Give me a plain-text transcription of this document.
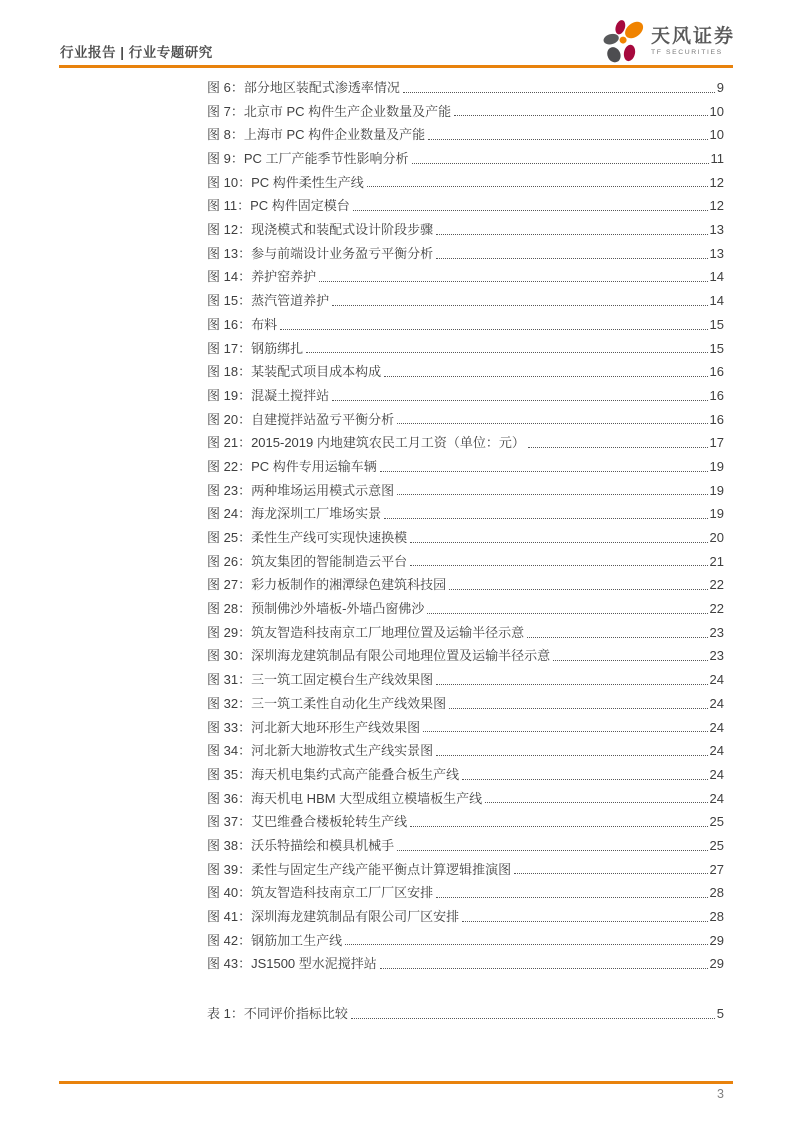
行业报告 | 行业专题研究
天风证券
TF SECURITIES
图 6：部分地区装配式渗透率情况	9
图 7：北京市 PC 构件生产企业数量及产能	10
图 8：上海市 PC 构件企业数量及产能	10
图 9：PC 工厂产能季节性影响分析	11
图 10：PC 构件柔性生产线	12
图 11：PC 构件固定模台	12
图 12：现浇模式和装配式设计阶段步骤	13
图 13：参与前端设计业务盈亏平衡分析	13
图 14：养护窑养护	14
图 15：蒸汽管道养护	14
图 16：布料	15
图 17：钢筋绑扎	15
图 18：某装配式项目成本构成	16
图 19：混凝土搅拌站	16
图 20：自建搅拌站盈亏平衡分析	16
图 21：2015-2019 内地建筑农民工月工资（单位：元）	17
图 22：PC 构件专用运输车辆	19
图 23：两种堆场运用模式示意图	19
图 24：海龙深圳工厂堆场实景	19
图 25：柔性生产线可实现快速换模	20
图 26：筑友集团的智能制造云平台	21
图 27：彩力板制作的湘潭绿色建筑科技园	22
图 28：预制佛沙外墙板-外墙凸窗佛沙	22
图 29：筑友智造科技南京工厂地理位置及运输半径示意	23
图 30：深圳海龙建筑制品有限公司地理位置及运输半径示意	23
图 31：三一筑工固定模台生产线效果图	24
图 32：三一筑工柔性自动化生产线效果图	24
图 33：河北新大地环形生产线效果图	24
图 34：河北新大地游牧式生产线实景图	24
图 35：海天机电集约式高产能叠合板生产线	24
图 36：海天机电 HBM 大型成组立模墙板生产线	24
图 37：艾巴维叠合楼板轮转生产线	25
图 38：沃乐特描绘和模具机械手	25
图 39：柔性与固定生产线产能平衡点计算逻辑推演图	27
图 40：筑友智造科技南京工厂厂区安排	28
图 41：深圳海龙建筑制品有限公司厂区安排	28
图 42：钢筋加工生产线	29
图 43：JS1500 型水泥搅拌站	29
表 1：不同评价指标比较	5
3
